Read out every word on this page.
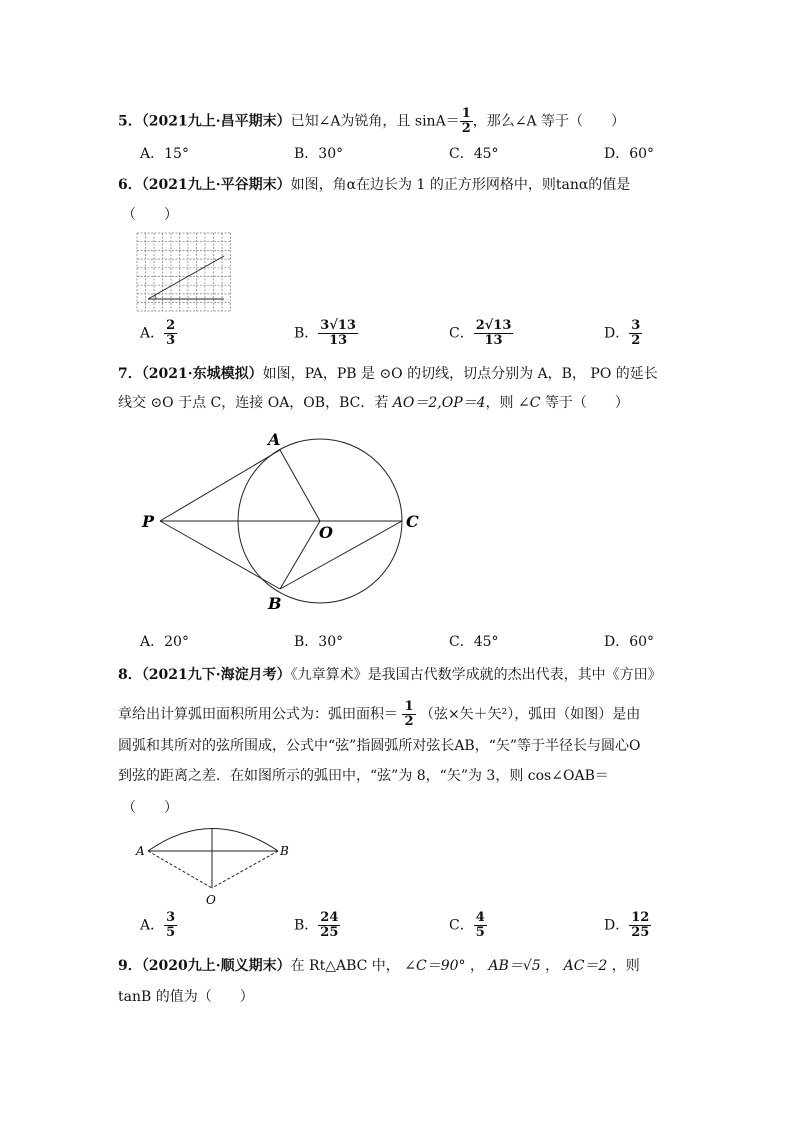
5．（2021九上·昌平期末）已知∠A为锐角，且 $\sin A= \frac{1}{2}$ ，那么∠A 等于（　　）
A．15°	B．30°	C．45°	D．60°
6．（2021九上·平谷期末）如图，角α在边长为 1 的正方形网格中，则tanα的值是
（　　）
A． $\frac{2}{3}$	B． $\frac{3√13}{13}$	C． $\frac{2√13}{13}$	D． $\frac{3}{2}$
7．（2021·东城模拟）如图，PA，PB 是 ⊙O 的切线，切点分别为 A，B， PO 的延长
线交 ⊙O 于点 C，连接 OA，OB，BC．若 AO＝2,OP＝4，则 ∠C 等于（　　）
A
B
P
O
C
A．20°	B．30°	C．45°	D．60°
8．（2021九下·海淀月考）《九章算术》是我国古代数学成就的杰出代表，其中《方田》
章给出计算弧田面积所用公式为：弧田面积＝ $\frac{1}{2}$ （弦×矢＋矢²），弧田（如图）是由
圆弧和其所对的弦所围成，公式中“弦”指圆弧所对弦长AB，“矢”等于半径长与圆心O
到弦的距离之差．在如图所示的弧田中，“弦”为 8，“矢”为 3，则 cos∠OAB＝
（　　）
A	B
O
A． $\frac{3}{5}$	B． $\frac{24}{25}$	C． $\frac{4}{5}$	D． $\frac{12}{25}$
9．（2020九上·顺义期末）在 Rt△ABC 中， ∠C＝90° ， AB＝√5 ， AC＝2 ，则
tanB 的值为（　　）
